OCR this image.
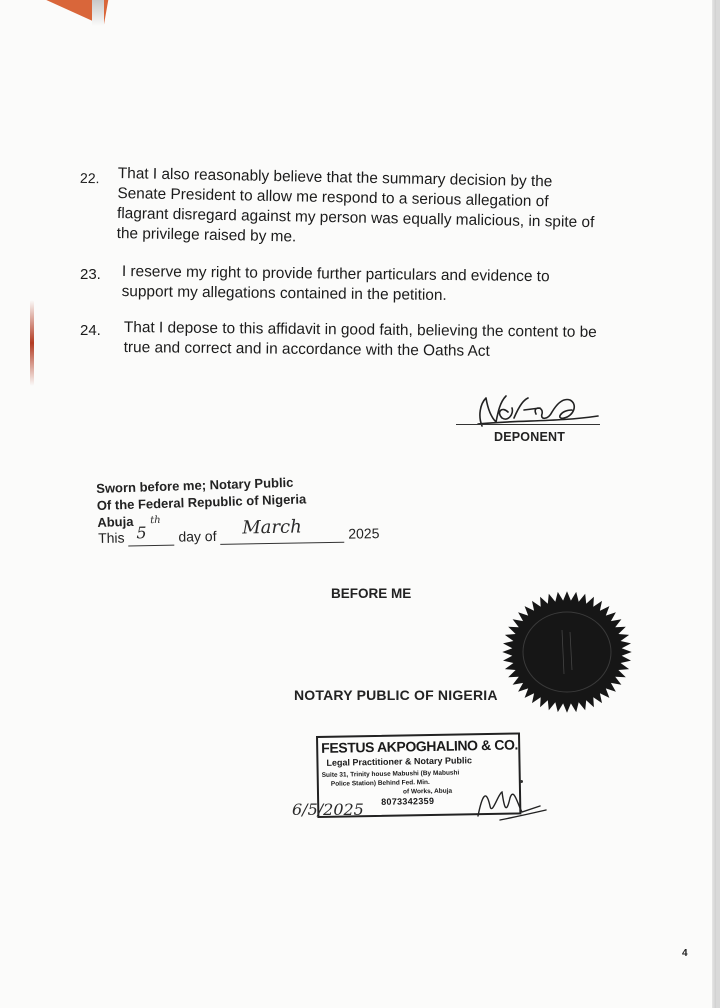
22. That I also reasonably believe that the summary decision by the Senate President to allow me respond to a serious allegation of flagrant disregard against my person was equally malicious, in spite of the privilege raised by me.
23. I reserve my right to provide further particulars and evidence to support my allegations contained in the petition.
24. That I depose to this affidavit in good faith, believing the content to be true and correct and in accordance with the Oaths Act
DEPONENT
Sworn before me; Notary Public
Of the Federal Republic of Nigeria
Abuja
This 5
th
day of March	2025
BEFORE ME
NOTARY PUBLIC OF NIGERIA
FESTUS AKPOGHALINO & CO.
Legal Practitioner & Notary Public
Suite 31, Trinity house Mabushi (By Mabushi
Police Station) Behind Fed. Min.
of Works, Abuja
8073342359
6/5/2025
4
